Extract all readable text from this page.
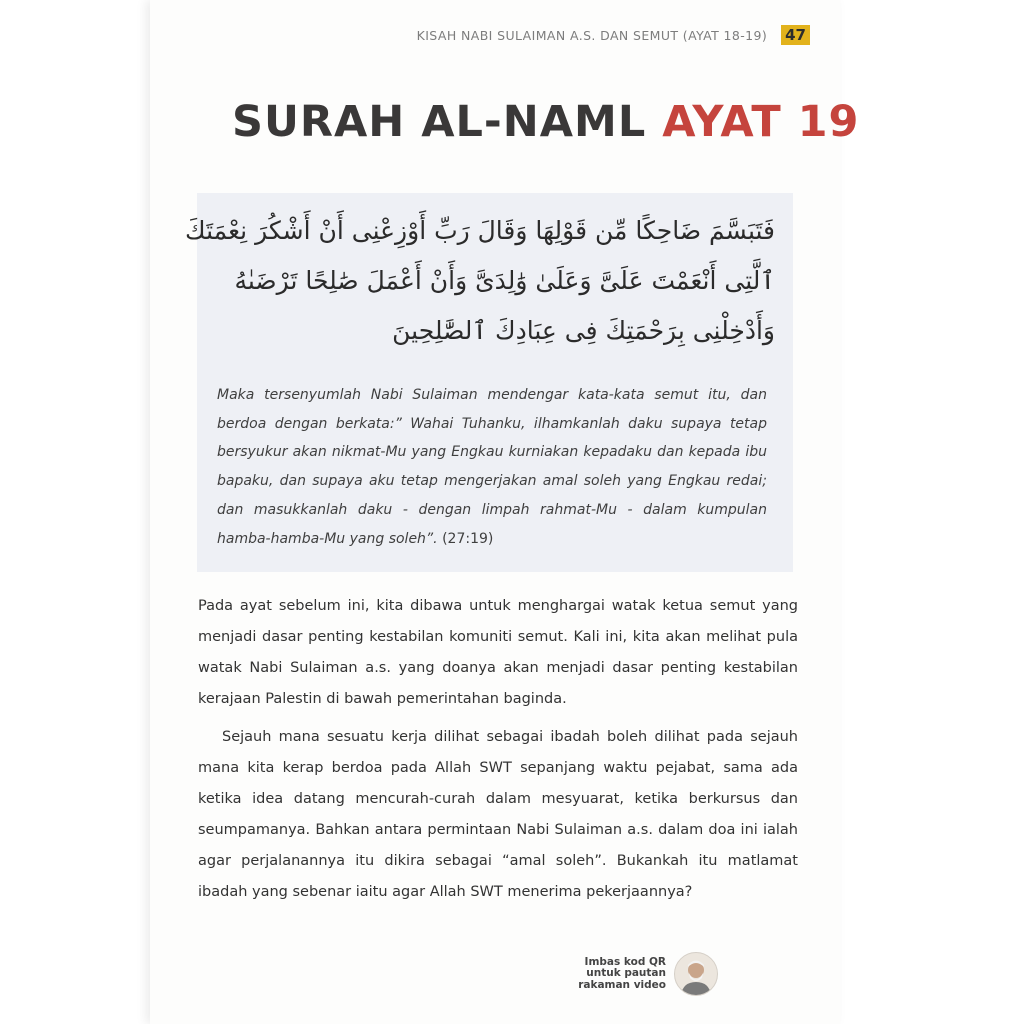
KISAH NABI SULAIMAN A.S. DAN SEMUT (AYAT 18-19) 47
SURAH AL-NAML AYAT 19
فَتَبَسَّمَ ضَاحِكًا مِّن قَوْلِهَا وَقَالَ رَبِّ أَوْزِعْنِى أَنْ أَشْكُرَ نِعْمَتَكَ
ٱلَّتِى أَنْعَمْتَ عَلَىَّ وَعَلَىٰ وَٰلِدَىَّ وَأَنْ أَعْمَلَ صَٰلِحًا تَرْضَىٰهُ
وَأَدْخِلْنِى بِرَحْمَتِكَ فِى عِبَادِكَ ٱلصَّٰلِحِينَ
Maka tersenyumlah Nabi Sulaiman mendengar kata-kata semut itu, dan berdoa dengan berkata:” Wahai Tuhanku, ilhamkanlah daku supaya tetap bersyukur akan nikmat-Mu yang Engkau kurniakan kepadaku dan kepada ibu bapaku, dan supaya aku tetap mengerjakan amal soleh yang Engkau redai; dan masukkanlah daku - dengan limpah rahmat-Mu - dalam kumpulan hamba-hamba-Mu yang soleh”. (27:19)
Pada ayat sebelum ini, kita dibawa untuk menghargai watak ketua semut yang menjadi dasar penting kestabilan komuniti semut. Kali ini, kita akan melihat pula watak Nabi Sulaiman a.s. yang doanya akan menjadi dasar penting kestabilan kerajaan Palestin di bawah pemerintahan baginda.
Sejauh mana sesuatu kerja dilihat sebagai ibadah boleh dilihat pada sejauh mana kita kerap berdoa pada Allah SWT sepanjang waktu pejabat, sama ada ketika idea datang mencurah-curah dalam mesyuarat, ketika berkursus dan seumpamanya. Bahkan antara permintaan Nabi Sulaiman a.s. dalam doa ini ialah agar perjalanannya itu dikira sebagai “amal soleh”. Bukankah itu matlamat ibadah yang sebenar iaitu agar Allah SWT menerima pekerjaannya?
Imbas kod QR
untuk pautan
rakaman video
